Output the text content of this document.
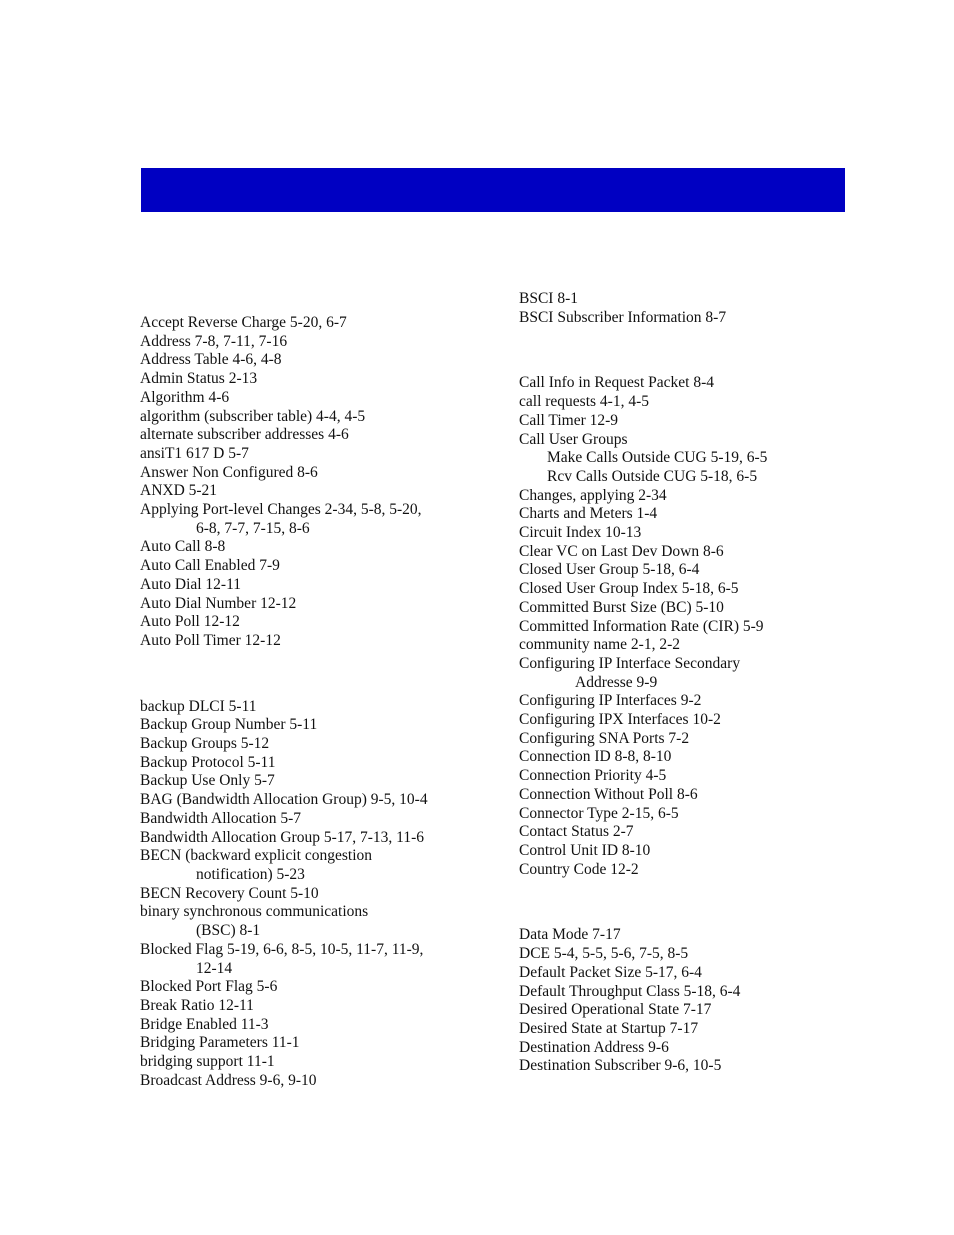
Accept Reverse Charge 5-20, 6-7
Address 7-8, 7-11, 7-16
Address Table 4-6, 4-8
Admin Status 2-13
Algorithm 4-6
algorithm (subscriber table) 4-4, 4-5
alternate subscriber addresses 4-6
ansiT1 617 D 5-7
Answer Non Configured 8-6
ANXD 5-21
Applying Port-level Changes 2-34, 5-8, 5-20,
6-8, 7-7, 7-15, 8-6
Auto Call 8-8
Auto Call Enabled 7-9
Auto Dial 12-11
Auto Dial Number 12-12
Auto Poll 12-12
Auto Poll Timer 12-12
backup DLCI 5-11
Backup Group Number 5-11
Backup Groups 5-12
Backup Protocol 5-11
Backup Use Only 5-7
BAG (Bandwidth Allocation Group) 9-5, 10-4
Bandwidth Allocation 5-7
Bandwidth Allocation Group 5-17, 7-13, 11-6
BECN (backward explicit congestion
notification) 5-23
BECN Recovery Count 5-10
binary synchronous communications
(BSC) 8-1
Blocked Flag 5-19, 6-6, 8-5, 10-5, 11-7, 11-9,
12-14
Blocked Port Flag 5-6
Break Ratio 12-11
Bridge Enabled 11-3
Bridging Parameters 11-1
bridging support 11-1
Broadcast Address 9-6, 9-10
BSCI 8-1
BSCI Subscriber Information 8-7
Call Info in Request Packet 8-4
call requests 4-1, 4-5
Call Timer 12-9
Call User Groups
Make Calls Outside CUG 5-19, 6-5
Rcv Calls Outside CUG 5-18, 6-5
Changes, applying 2-34
Charts and Meters 1-4
Circuit Index 10-13
Clear VC on Last Dev Down 8-6
Closed User Group 5-18, 6-4
Closed User Group Index 5-18, 6-5
Committed Burst Size (BC) 5-10
Committed Information Rate (CIR) 5-9
community name 2-1, 2-2
Configuring IP Interface Secondary
Addresse 9-9
Configuring IP Interfaces 9-2
Configuring IPX Interfaces 10-2
Configuring SNA Ports 7-2
Connection ID 8-8, 8-10
Connection Priority 4-5
Connection Without Poll 8-6
Connector Type 2-15, 6-5
Contact Status 2-7
Control Unit ID 8-10
Country Code 12-2
Data Mode 7-17
DCE 5-4, 5-5, 5-6, 7-5, 8-5
Default Packet Size 5-17, 6-4
Default Throughput Class 5-18, 6-4
Desired Operational State 7-17
Desired State at Startup 7-17
Destination Address 9-6
Destination Subscriber 9-6, 10-5
